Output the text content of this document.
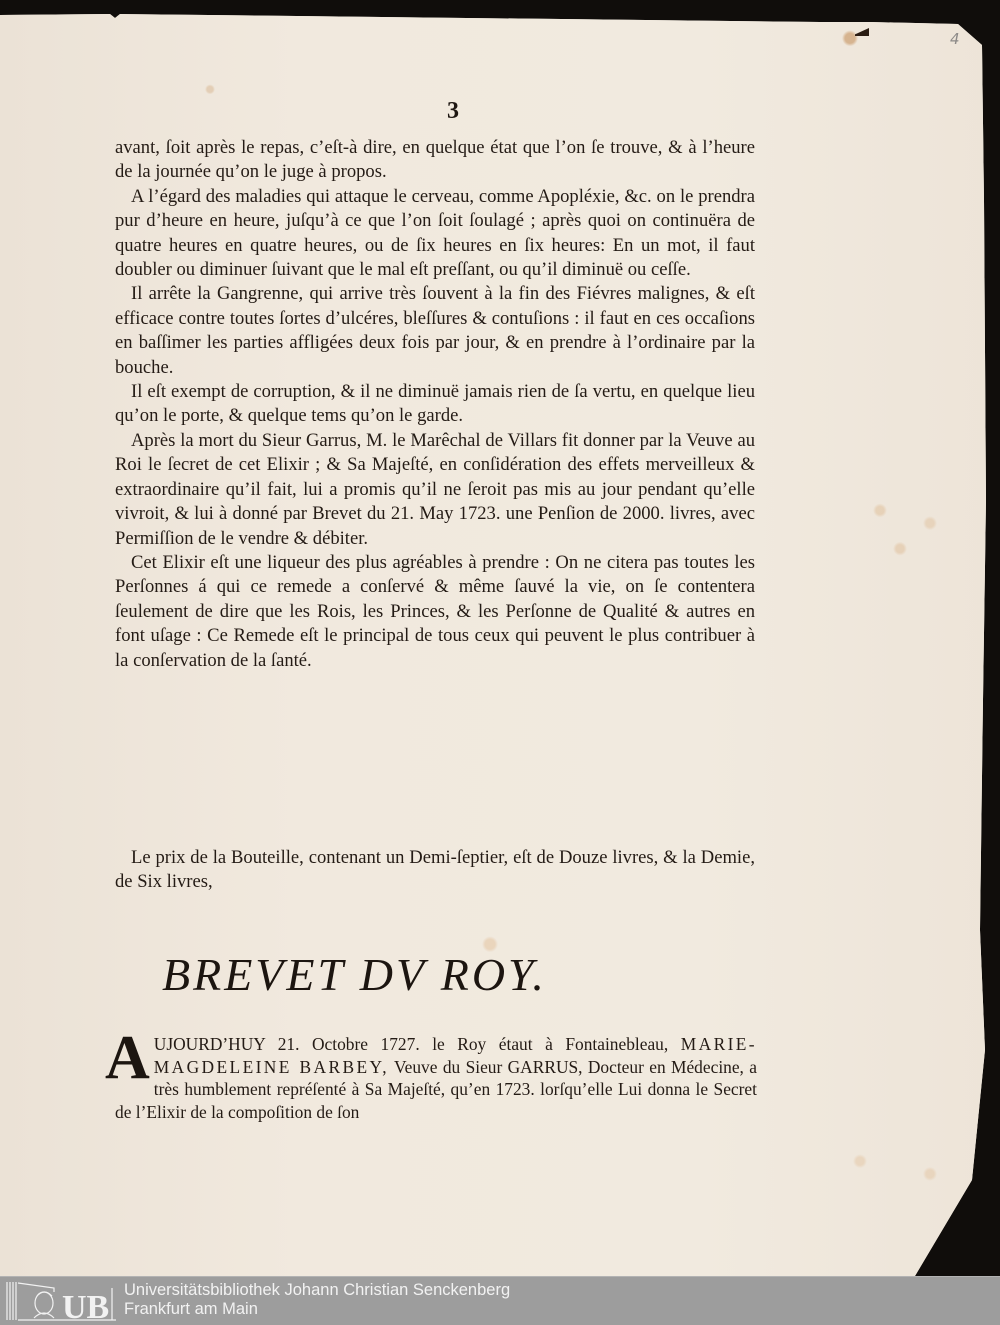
4
3

avant, ſoit après le repas, c’eſt-à dire, en quelque état que l’on ſe trouve, & à l’heure de la journée qu’on le juge à propos.

A l’égard des maladies qui attaque le cerveau, comme Apopléxie, &c. on le prendra pur d’heure en heure, juſqu’à ce que l’on ſoit ſoulagé ; après quoi on continuëra de quatre heures en quatre heures, ou de ſix heures en ſix heures: En un mot, il faut doubler ou diminuer ſuivant que le mal eſt preſſant, ou qu’il diminuë ou ceſſe.

Il arrête la Gangrenne, qui arrive très ſouvent à la fin des Fiévres malignes, & eſt efficace contre toutes ſortes d’ulcéres, bleſſures & contuſions : il faut en ces occaſions en baſſimer les parties affligées deux fois par jour, & en prendre à l’ordinaire par la bouche.

Il eſt exempt de corruption, & il ne diminuë jamais rien de ſa vertu, en quelque lieu qu’on le porte, & quelque tems qu’on le garde.

Après la mort du Sieur Garrus, M. le Marêchal de Villars fit donner par la Veuve au Roi le ſecret de cet Elixir ; & Sa Majeſté, en conſidération des effets merveilleux & extraordinaire qu’il fait, lui a promis qu’il ne ſeroit pas mis au jour pendant qu’elle vivroit, & lui à donné par Brevet du 21. May 1723. une Penſion de 2000. livres, avec Permiſſion de le vendre & débiter.

Cet Elixir eſt une liqueur des plus agréables à prendre : On ne citera pas toutes les Perſonnes á qui ce remede a conſervé & même ſauvé la vie, on ſe contentera ſeulement de dire que les Rois, les Princes, & les Perſonne de Qualité & autres en font uſage : Ce Remede eſt le principal de tous ceux qui peuvent le plus contribuer à la conſervation de la ſanté.

Le prix de la Bouteille, contenant un Demi-ſeptier, eſt de Douze livres, & la Demie, de Six livres,

BREVET DV ROY.

A UJOURD’HUY 21. Octobre 1727. le Roy étaut à Fontainebleau, MARIE-MAGDELEINE BARBEY, Veuve du Sieur GARRUS, Docteur en Médecine, a très humblement repréſenté à Sa Majeſté, qu’en 1723. lorſqu’elle Lui donna le Secret de l’Elixir de la compoſition de ſon

UB Universitätsbibliothek Johann Christian Senckenberg
Frankfurt am Main
